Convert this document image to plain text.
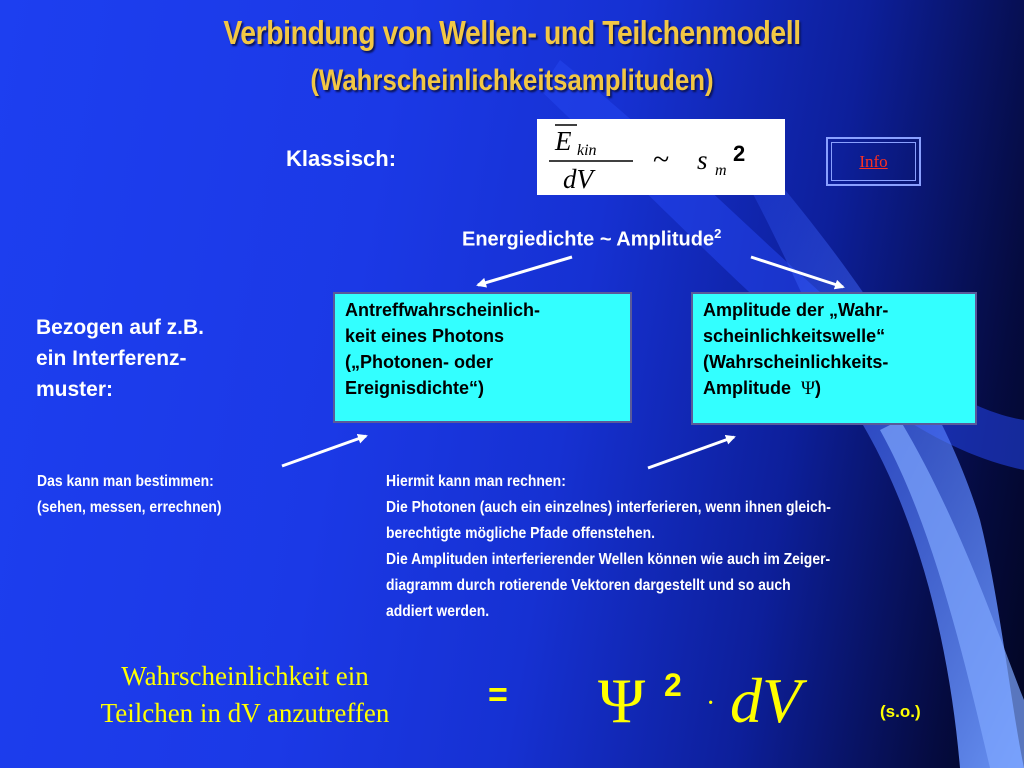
Verbindung von Wellen- und Teilchenmodell
(Wahrscheinlichkeitsamplituden)
Klassisch:
E kin
dV
~ s m
2	Info
Energiedichte ~ Amplitude$^2$
Bezogen auf z.B.
ein Interferenz-
muster:
Antreffwahrscheinlich-
keit eines Photons
(„Photonen- oder
Ereignisdichte“)
Amplitude der „Wahr-
scheinlichkeitswelle“
(Wahrscheinlichkeits-
Amplitude Ψ)
Das kann man bestimmen:
(sehen, messen, errechnen)
Hiermit kann man rechnen:
Die Photonen (auch ein einzelnes) interferieren, wenn ihnen gleich-
berechtigte mögliche Pfade offenstehen.
Die Amplituden interferierender Wellen können wie auch im Zeiger-
diagramm durch rotierende Vektoren dargestellt und so auch
addiert werden.
Wahrscheinlichkeit ein
Teilchen in dV anzutreffen	= Ψ 2
· dV	(s.o.)
